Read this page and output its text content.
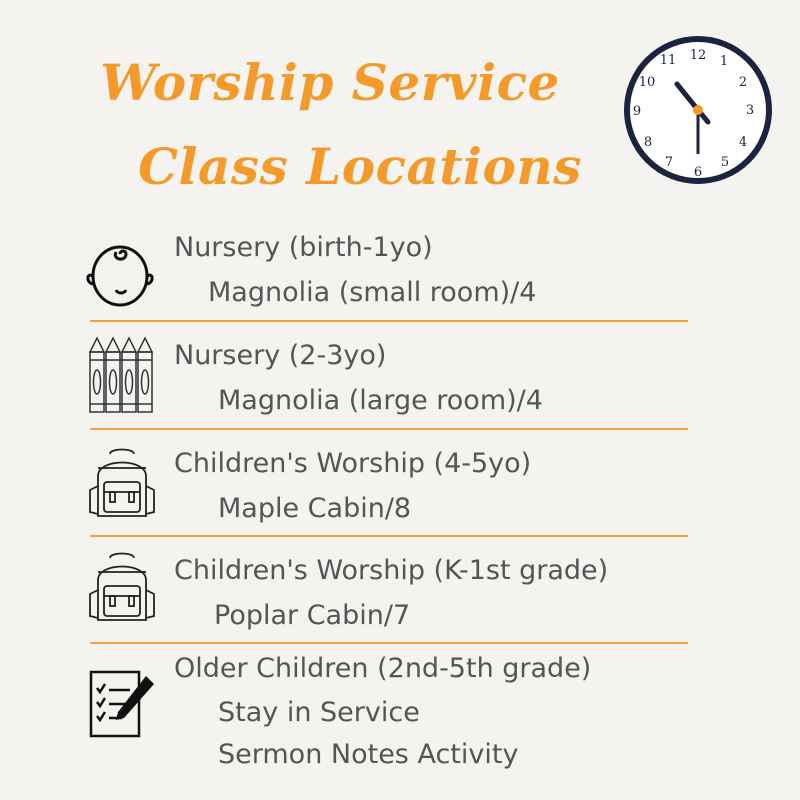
Worship Service
Class Locations
12 1
2
3
4
5
6
7
8
9
10
11
Nursery (birth-1yo)
Magnolia (small room)/4
Nursery (2-3yo)
Magnolia (large room)/4
Children's Worship (4-5yo)
Maple Cabin/8
Children's Worship (K-1st grade)
Poplar Cabin/7
Older Children (2nd-5th grade)
Stay in Service
Sermon Notes Activity
